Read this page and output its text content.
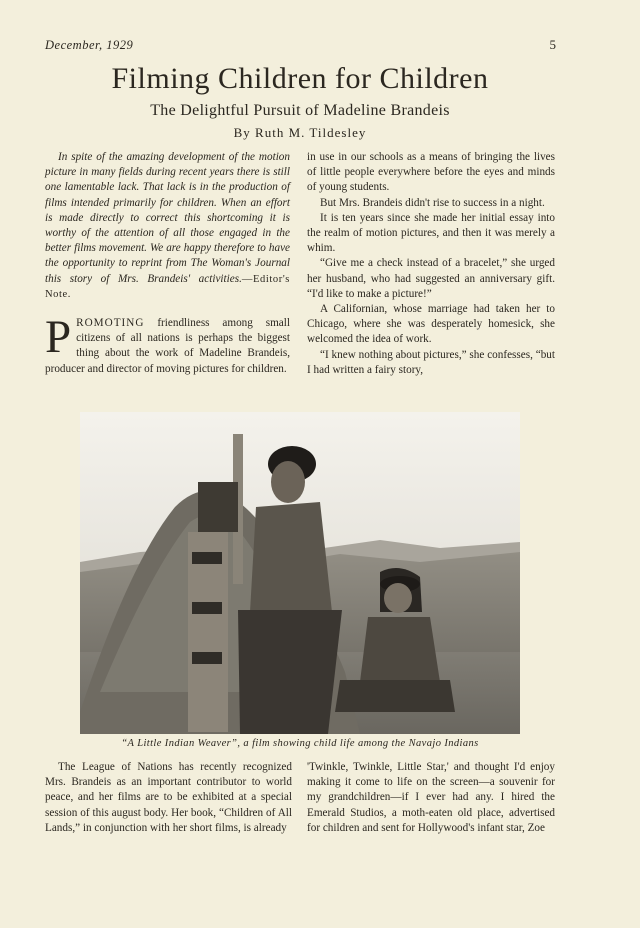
December, 1929	5
Filming Children for Children
The Delightful Pursuit of Madeline Brandeis
By Ruth M. Tildesley

In spite of the amazing development of the motion picture in many fields during recent years there is still one lamentable lack. That lack is in the production of films intended primarily for children. When an effort is made directly to correct this shortcoming it is worthy of the attention of all those engaged in the better films movement. We are happy therefore to have the opportunity to reprint from The Woman's Journal this story of Mrs. Brandeis' activities.—Editor's Note.

PROMOTING friendliness among small citizens of all nations is perhaps the biggest thing about the work of Madeline Brandeis, producer and director of moving pictures for children.

in use in our schools as a means of bringing the lives of little people everywhere before the eyes and minds of young students.

But Mrs. Brandeis didn't rise to success in a night.

It is ten years since she made her initial essay into the realm of motion pictures, and then it was merely a whim.

“Give me a check instead of a bracelet,” she urged her husband, who had suggested an anniversary gift. “I'd like to make a picture!”

A Californian, whose marriage had taken her to Chicago, where she was desperately homesick, she welcomed the idea of work.

“I knew nothing about pictures,” she confesses, “but I had written a fairy story,

“A Little Indian Weaver”, a film showing child life among the Navajo Indians

The League of Nations has recently recognized Mrs. Brandeis as an important contributor to world peace, and her films are to be exhibited at a special session of this august body. Her book, “Children of All Lands,” in conjunction with her short films, is already

'Twinkle, Twinkle, Little Star,' and thought I'd enjoy making it come to life on the screen—a souvenir for my grandchildren—if I ever had any. I hired the Emerald Studios, a moth-eaten old place, advertised for children and sent for Hollywood's infant star, Zoe
